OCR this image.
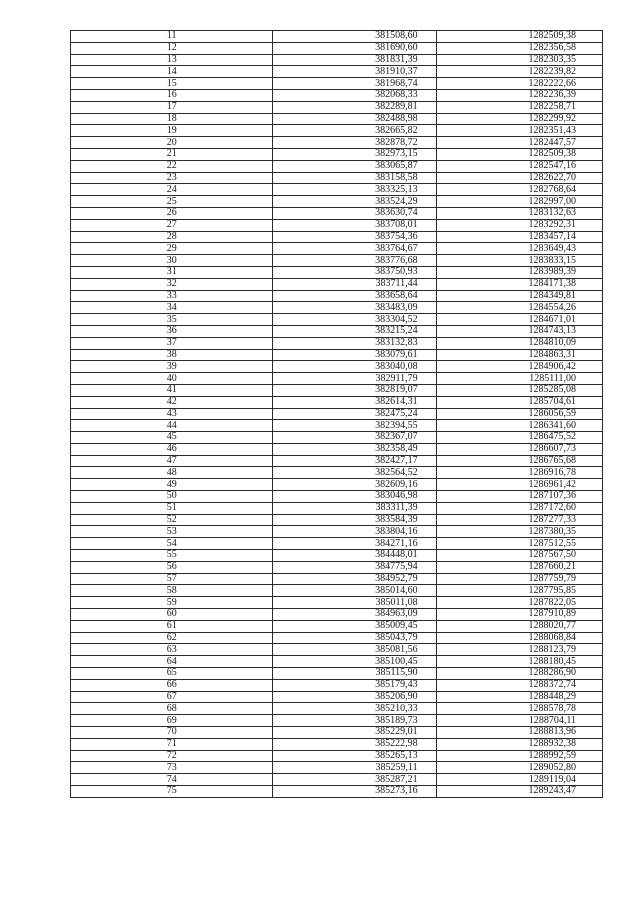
11	381508,60	1282509,38
12	381690,60	1282356,58
13	381831,39	1282303,35
14	381910,37	1282239,82
15	381968,74	1282222,66
16	382068,33	1282236,39
17	382289,81	1282258,71
18	382488,98	1282299,92
19	382665,82	1282351,43
20	382878,72	1282447,57
21	382973,15	1282509,38
22	383065,87	1282547,16
23	383158,58	1282622,70
24	383325,13	1282768,64
25	383524,29	1282997,00
26	383630,74	1283132,63
27	383708,01	1283292,31
28	383754,36	1283457,14
29	383764,67	1283649,43
30	383776,68	1283833,15
31	383750,93	1283989,39
32	383711,44	1284171,38
33	383658,64	1284349,81
34	383483,09	1284554,26
35	383304,52	1284671,01
36	383215,24	1284743,13
37	383132,83	1284810,09
38	383079,61	1284863,31
39	383040,08	1284906,42
40	382911,79	1285111,00
41	382819,07	1285285,08
42	382614,31	1285704,61
43	382475,24	1286056,59
44	382394,55	1286341,60
45	382367,07	1286475,52
46	382358,49	1286607,73
47	382427,17	1286765,68
48	382564,52	1286916,78
49	382609,16	1286961,42
50	383046,98	1287107,36
51	383311,39	1287172,60
52	383584,39	1287277,33
53	383804,16	1287380,35
54	384271,16	1287512,55
55	384448,01	1287567,50
56	384775,94	1287660,21
57	384952,79	1287759,79
58	385014,60	1287795,85
59	385011,08	1287822,05
60	384963,09	1287910,89
61	385009,45	1288020,77
62	385043,79	1288068,84
63	385081,56	1288123,79
64	385100,45	1288180,45
65	385115,90	1288286,90
66	385179,43	1288372,74
67	385206,90	1288448,29
68	385210,33	1288578,78
69	385189,73	1288704,11
70	385229,01	1288813,96
71	385222,98	1288932,38
72	385265,13	1288992,59
73	385259,11	1289052,80
74	385287,21	1289119,04
75	385273,16	1289243,47
